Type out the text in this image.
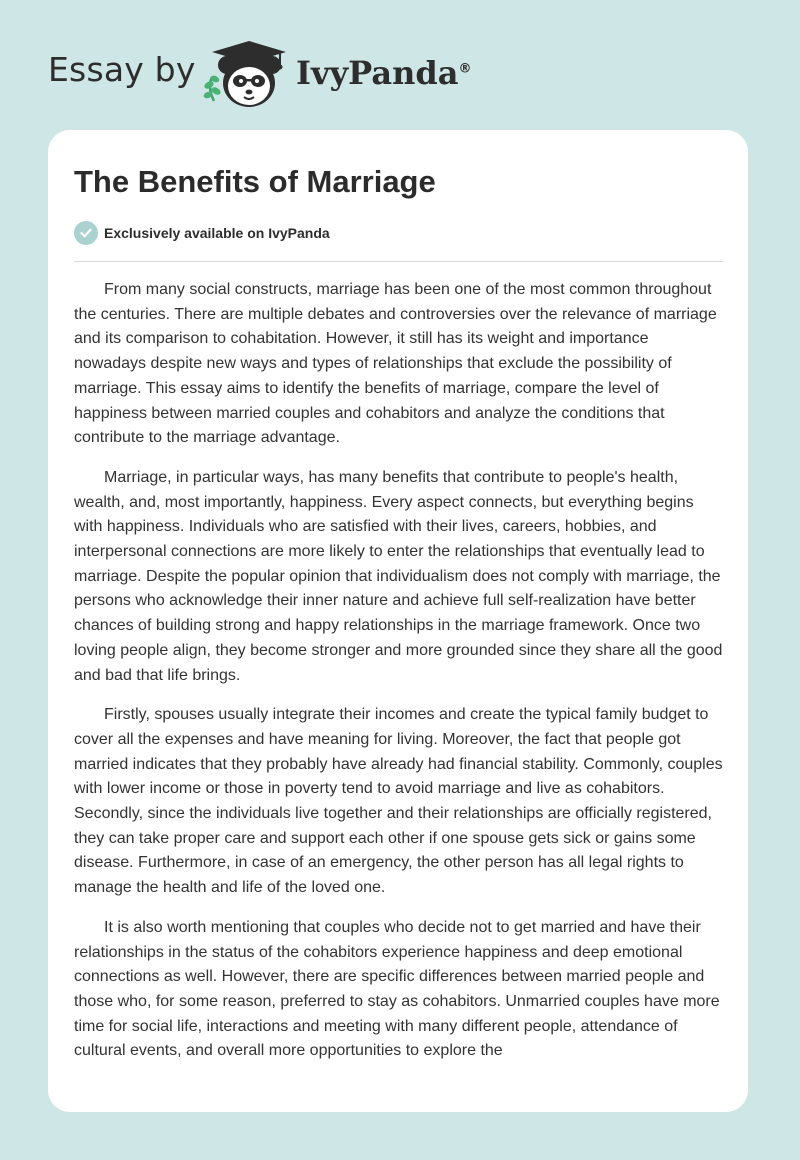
Essay by	IvyPanda®
The Benefits of Marriage
Exclusively available on IvyPanda

From many social constructs, marriage has been one of the most common throughout the centuries. There are multiple debates and controversies over the relevance of marriage and its comparison to cohabitation. However, it still has its weight and importance nowadays despite new ways and types of relationships that exclude the possibility of marriage. This essay aims to identify the benefits of marriage, compare the level of happiness between married couples and cohabitors and analyze the conditions that contribute to the marriage advantage.

Marriage, in particular ways, has many benefits that contribute to people's health, wealth, and, most importantly, happiness. Every aspect connects, but everything begins with happiness. Individuals who are satisfied with their lives, careers, hobbies, and interpersonal connections are more likely to enter the relationships that eventually lead to marriage. Despite the popular opinion that individualism does not comply with marriage, the persons who acknowledge their inner nature and achieve full self-realization have better chances of building strong and happy relationships in the marriage framework. Once two loving people align, they become stronger and more grounded since they share all the good and bad that life brings.

Firstly, spouses usually integrate their incomes and create the typical family budget to cover all the expenses and have meaning for living. Moreover, the fact that people got married indicates that they probably have already had financial stability. Commonly, couples with lower income or those in poverty tend to avoid marriage and live as cohabitors. Secondly, since the individuals live together and their relationships are officially registered, they can take proper care and support each other if one spouse gets sick or gains some disease. Furthermore, in case of an emergency, the other person has all legal rights to manage the health and life of the loved one.

It is also worth mentioning that couples who decide not to get married and have their relationships in the status of the cohabitors experience happiness and deep emotional connections as well. However, there are specific differences between married people and those who, for some reason, preferred to stay as cohabitors. Unmarried couples have more time for social life, interactions and meeting with many different people, attendance of cultural events, and overall more opportunities to explore the
